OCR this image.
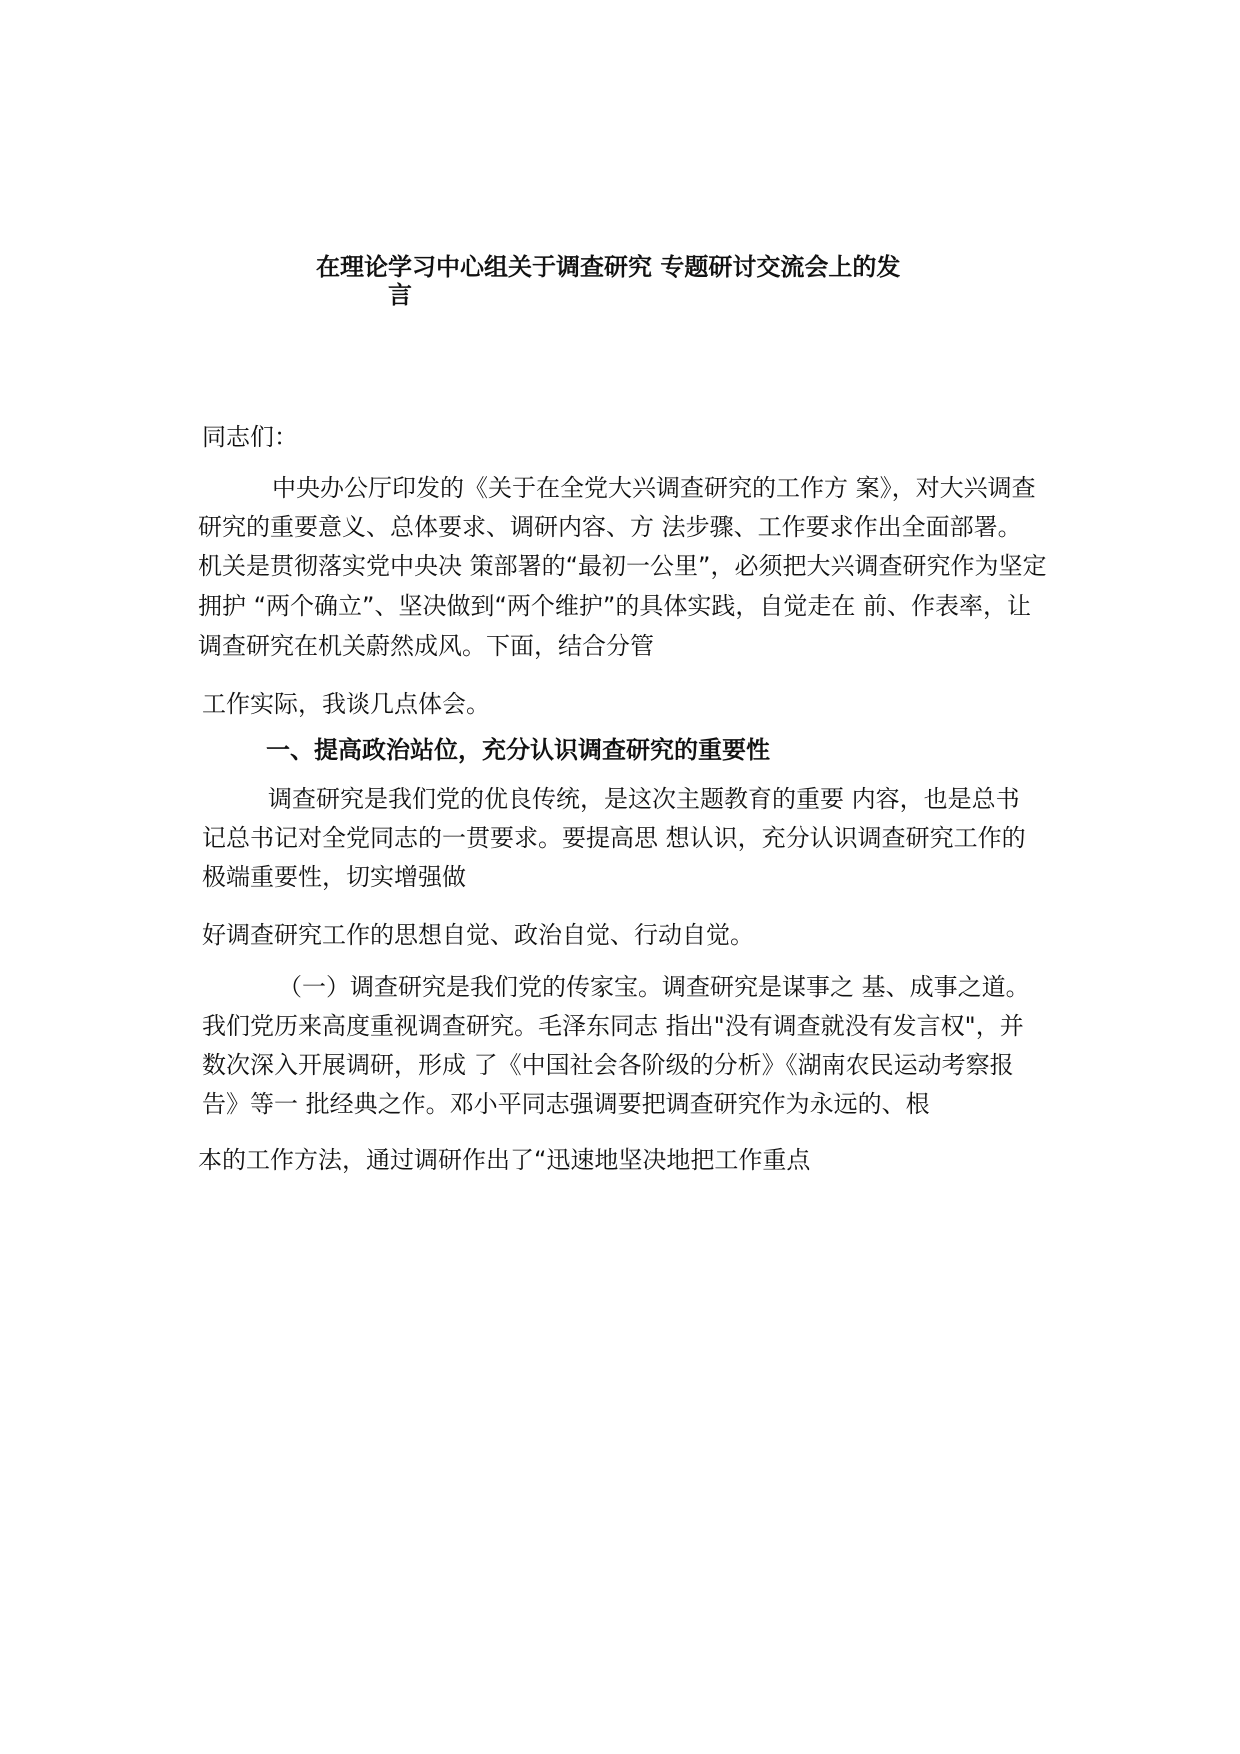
在理论学习中心组关于调查研究 专题研讨交流会上的发
言
同志们：
中央办公厅印发的《关于在全党大兴调查研究的工作方 案》，对大兴调查
研究的重要意义、总体要求、调研内容、方 法步骤、工作要求作出全面部署。
机关是贯彻落实党中央决 策部署的“最初一公里”，必须把大兴调查研究作为坚定
拥护 “两个确立”、坚决做到“两个维护”的具体实践，自觉走在 前、作表率，让
调查研究在机关蔚然成风。下面，结合分管
工作实际，我谈几点体会。
一、提高政治站位，充分认识调查研究的重要性
调查研究是我们党的优良传统，是这次主题教育的重要 内容，也是总书
记总书记对全党同志的一贯要求。要提高思 想认识，充分认识调查研究工作的
极端重要性，切实增强做
好调查研究工作的思想自觉、政治自觉、行动自觉。
（一）调查研究是我们党的传家宝。调查研究是谋事之 基、成事之道。
我们党历来高度重视调查研究。毛泽东同志 指出"没有调查就没有发言权"，并
数次深入开展调研，形成 了《中国社会各阶级的分析》《湖南农民运动考察报
告》等一 批经典之作。邓小平同志强调要把调查研究作为永远的、根
本的工作方法，通过调研作出了“迅速地坚决地把工作重点
